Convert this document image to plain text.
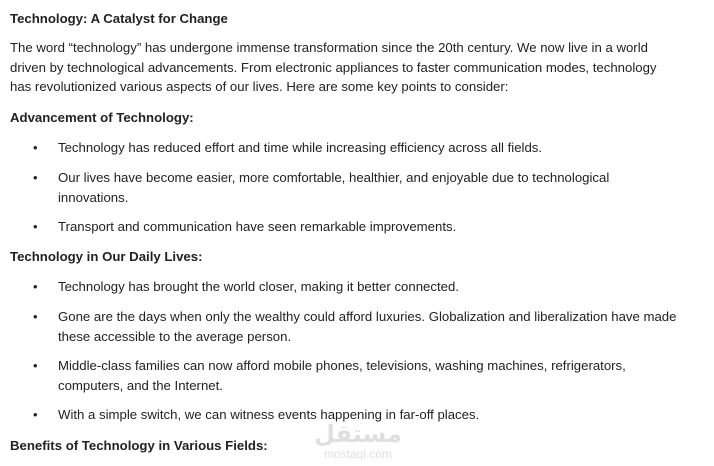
Technology: A Catalyst for Change

The word “technology” has undergone immense transformation since the 20th century. We now live in a world driven by technological advancements. From electronic appliances to faster communication modes, technology has revolutionized various aspects of our lives. Here are some key points to consider:

Advancement of Technology:

• Technology has reduced effort and time while increasing efficiency across all fields.
• Our lives have become easier, more comfortable, healthier, and enjoyable due to technological innovations.
• Transport and communication have seen remarkable improvements.

Technology in Our Daily Lives:

• Technology has brought the world closer, making it better connected.
• Gone are the days when only the wealthy could afford luxuries. Globalization and liberalization have made these accessible to the average person.
• Middle-class families can now afford mobile phones, televisions, washing machines, refrigerators, computers, and the Internet.
• With a simple switch, we can witness events happening in far-off places.

Benefits of Technology in Various Fields: مستقل
mostaql.com
